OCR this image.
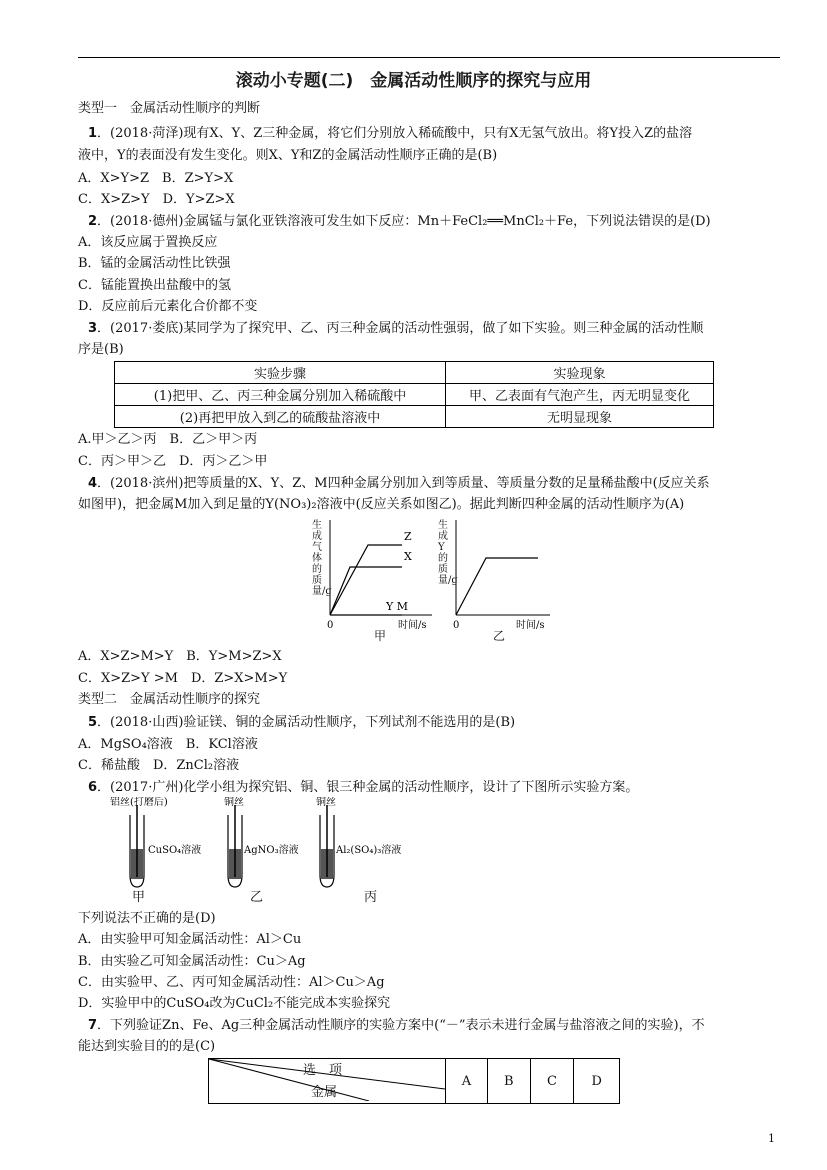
滚动小专题(二)　金属活动性顺序的探究与应用
类型一　金属活动性顺序的判断
1．(2018·菏泽)现有X、Y、Z三种金属，将它们分别放入稀硫酸中，只有X无氢气放出。将Y投入Z的盐溶
液中，Y的表面没有发生变化。则X、Y和Z的金属活动性顺序正确的是(B)
A．X>Y>Z　B．Z>Y>X
C．X>Z>Y　D．Y>Z>X
2．(2018·德州)金属锰与氯化亚铁溶液可发生如下反应：Mn＋FeCl₂══MnCl₂＋Fe，下列说法错误的是(D)
A．该反应属于置换反应
B．锰的金属活动性比铁强
C．锰能置换出盐酸中的氢
D．反应前后元素化合价都不变
3．(2017·娄底)某同学为了探究甲、乙、丙三种金属的活动性强弱，做了如下实验。则三种金属的活动性顺
序是(B)
实验步骤	实验现象
(1)把甲、乙、丙三种金属分别加入稀硫酸中	甲、乙表面有气泡产生，丙无明显变化
(2)再把甲放入到乙的硫酸盐溶液中	无明显现象
A.甲＞乙＞丙　B．乙＞甲＞丙
C．丙＞甲＞乙　D．丙＞乙＞甲
4．(2018·滨州)把等质量的X、Y、Z、M四种金属分别加入到等质量、等质量分数的足量稀盐酸中(反应关系
如图甲)，把金属M加入到足量的Y(NO₃)₂溶液中(反应关系如图乙)。据此判断四种金属的活动性顺序为(A)
Z
X
Y M
0	时间/s
生成气体的质量/g
甲
0	时间/s
生成Y的质量/g
乙
A．X>Z>M>Y　B．Y>M>Z>X
C．X>Z>Y >M　D．Z>X>M>Y
类型二　金属活动性顺序的探究
5．(2018·山西)验证镁、铜的金属活动性顺序，下列试剂不能选用的是(B)
A．MgSO₄溶液　B．KCl溶液
C．稀盐酸　D．ZnCl₂溶液
6．(2017·广州)化学小组为探究铝、铜、银三种金属的活动性顺序，设计了下图所示实验方案。
铝丝(打磨后)
CuSO₄溶液
铜丝
AgNO₃溶液
铜丝
Al₂(SO₄)₃溶液
甲	乙	丙
下列说法不正确的是(D)
A．由实验甲可知金属活动性：Al＞Cu
B．由实验乙可知金属活动性：Cu＞Ag
C．由实验甲、乙、丙可知金属活动性：Al＞Cu＞Ag
D．实验甲中的CuSO₄改为CuCl₂不能完成本实验探究
7．下列验证Zn、Fe、Ag三种金属活动性顺序的实验方案中(“－”表示未进行金属与盐溶液之间的实验)，不
能达到实验目的的是(C)
选　项
金属
	A	B	C	D
1
